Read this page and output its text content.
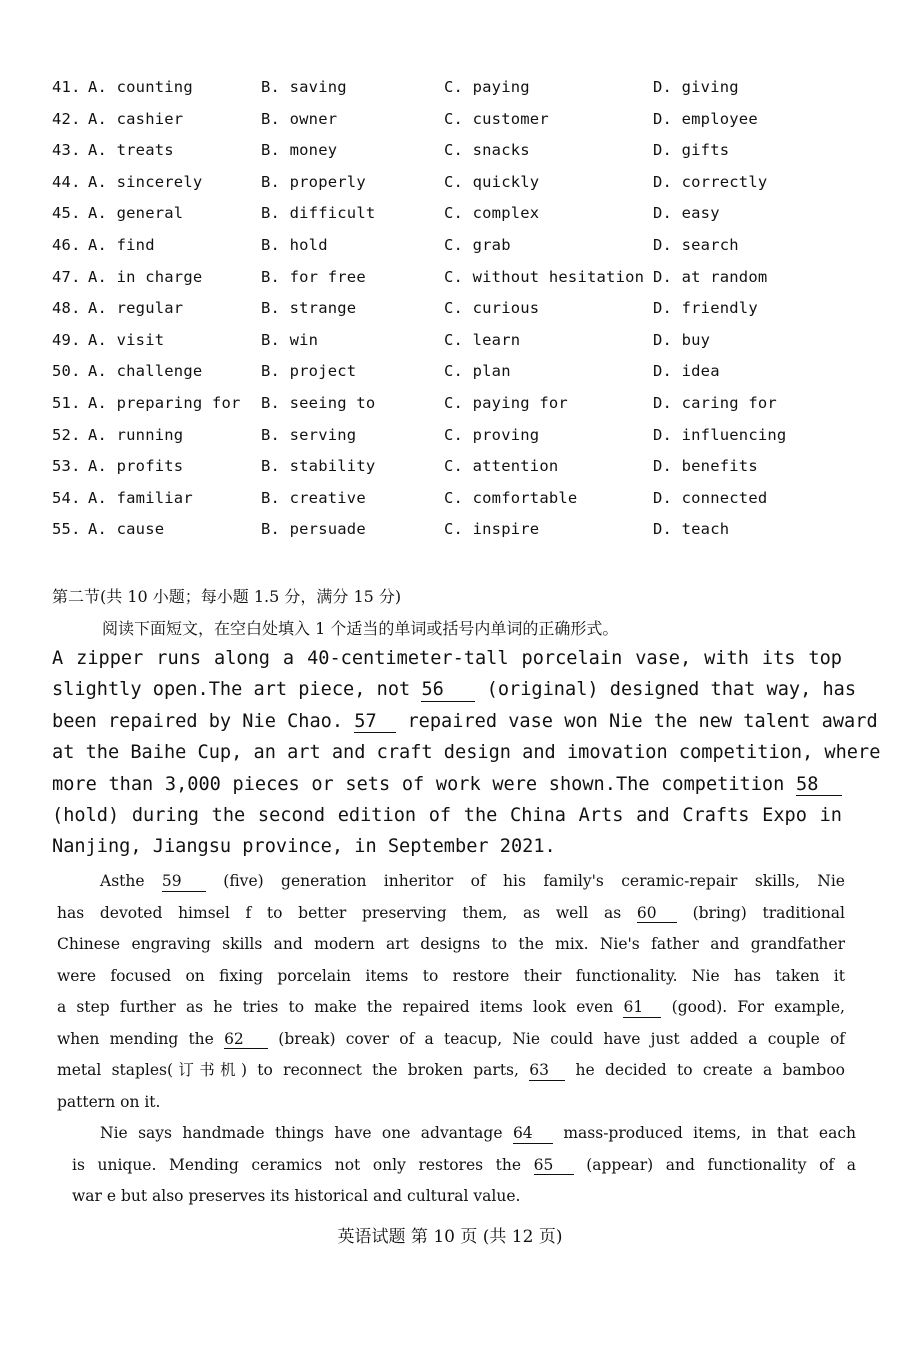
41. A. counting	B. saving	C. paying	D. giving
42. A. cashier	B. owner	C. customer	D. employee
43. A. treats	B. money	C. snacks	D. gifts
44. A. sincerely	B. properly	C. quickly	D. correctly
45. A. general	B. difficult	C. complex	D. easy
46. A. find	B. hold	C. grab	D. search
47. A. in charge	B. for free	C. without hesitation D. at random
48. A. regular	B. strange	C. curious	D. friendly
49. A. visit	B. win	C. learn	D. buy
50. A. challenge	B. project	C. plan	D. idea
51. A. preparing for B. seeing to	C. paying for	D. caring for
52. A. running	B. serving	C. proving	D. influencing
53. A. profits	B. stability	C. attention	D. benefits
54. A. familiar	B. creative	C. comfortable	D. connected
55. A. cause	B. persuade	C. inspire	D. teach
第二节(共 10 小题；每小题 1.5 分，满分 15 分)
阅读下面短文，在空白处填入 1 个适当的单词或括号内单词的正确形式。
A zipper runs along a 40-centimeter-tall porcelain vase, with its top
slightly open.The art piece, not 56 (original) designed that way, has
been repaired by Nie Chao. 57 repaired vase won Nie the new talent award
at the Baihe Cup, an art and craft design and imovation competition, where
more than 3,000 pieces or sets of work were shown.The competition 58
(hold) during the second edition of the China Arts and Crafts Expo in
Nanjing, Jiangsu province, in September 2021.
Asthe 59	(five) generation inheritor of his family's ceramic-repair skills, Nie
has devoted himsel f to better preserving them, as well as 60 (bring) traditional
Chinese engraving skills and modern art designs to the mix. Nie's father and grandfather
were focused on fixing porcelain items to restore their functionality. Nie has taken it
a step further as he tries to make the repaired items look even 61 (good). For example,
when mending the 62 (break) cover of a teacup, Nie could have just added a couple of
metal staples(订书机) to reconnect the broken parts, 63 he decided to create a bamboo
pattern on it.
Nie says handmade things have one advantage 64 mass-produced items, in that each
is unique. Mending ceramics not only restores the 65 (appear) and functionality of a
war e but also preserves its historical and cultural value.
英语试题 第 10 页 (共 12 页)
